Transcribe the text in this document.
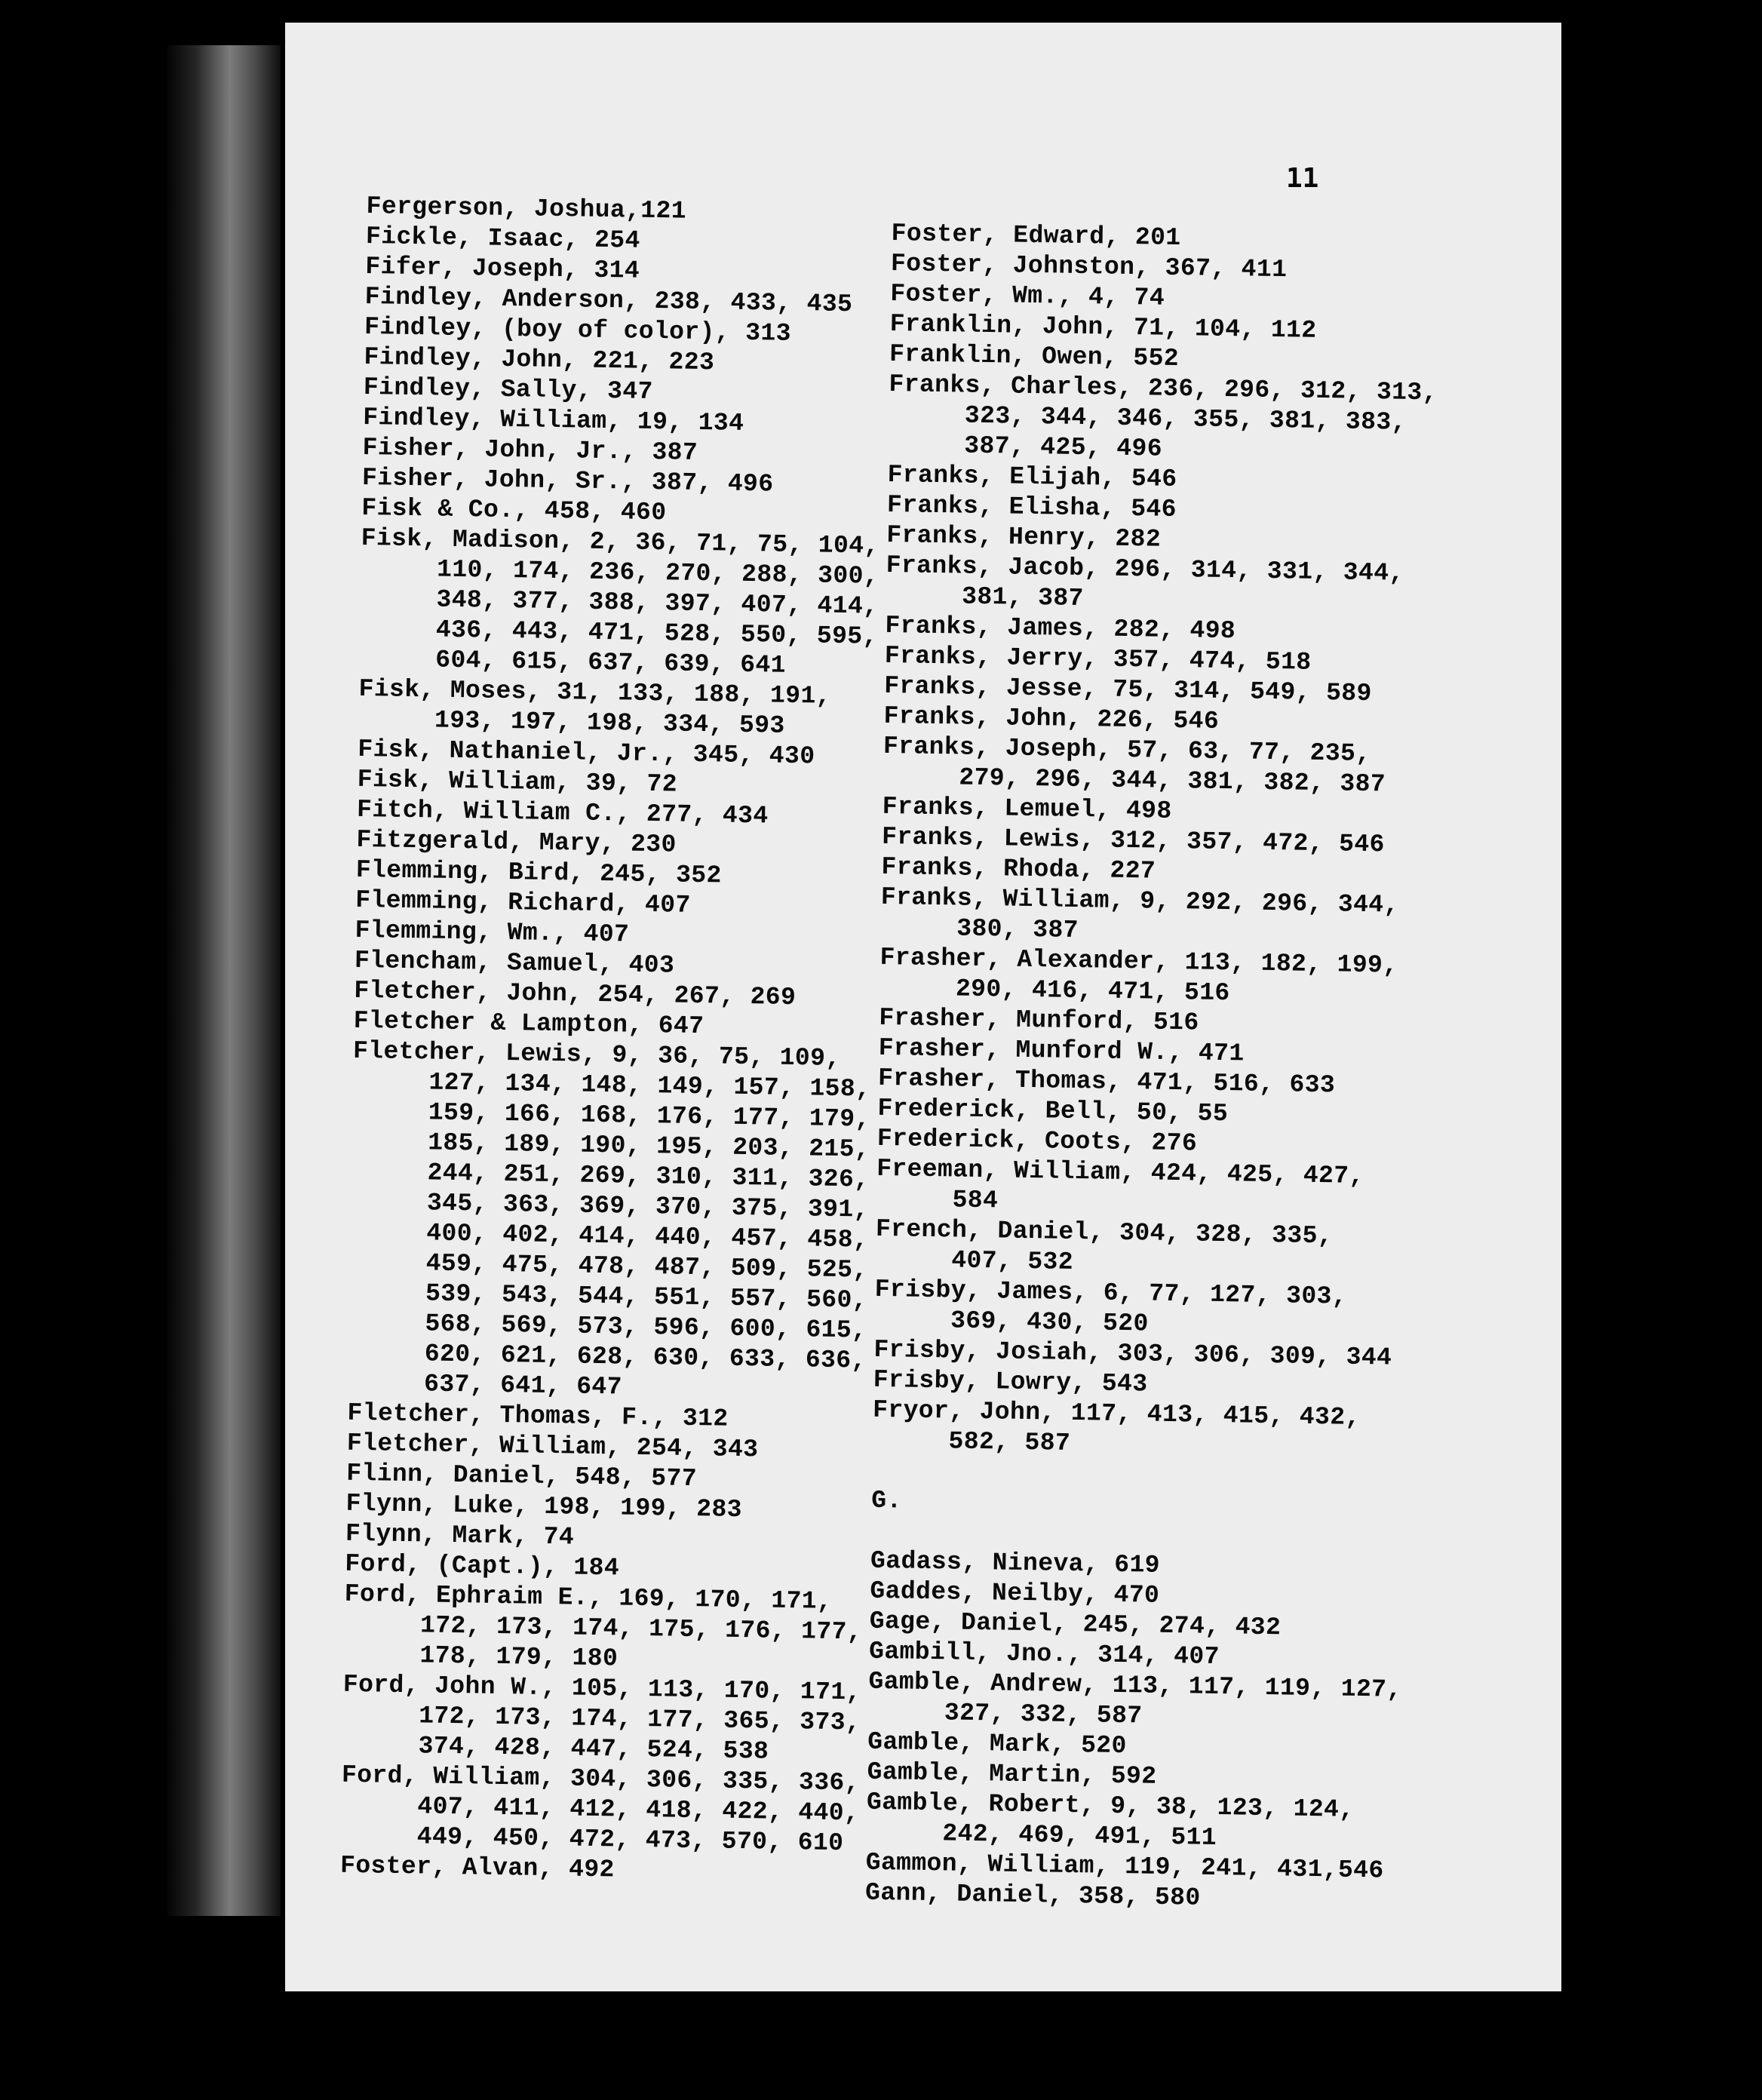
11

Fergerson, Joshua,121
Fickle, Isaac, 254
Fifer, Joseph, 314
Findley, Anderson, 238, 433, 435
Findley, (boy of color), 313
Findley, John, 221, 223
Findley, Sally, 347
Findley, William, 19, 134
Fisher, John, Jr., 387
Fisher, John, Sr., 387, 496
Fisk & Co., 458, 460
Fisk, Madison, 2, 36, 71, 75, 104,
110, 174, 236, 270, 288, 300,
348, 377, 388, 397, 407, 414,
436, 443, 471, 528, 550, 595,
604, 615, 637, 639, 641
Fisk, Moses, 31, 133, 188, 191,
193, 197, 198, 334, 593
Fisk, Nathaniel, Jr., 345, 430
Fisk, William, 39, 72
Fitch, William C., 277, 434
Fitzgerald, Mary, 230
Flemming, Bird, 245, 352
Flemming, Richard, 407
Flemming, Wm., 407
Flencham, Samuel, 403
Fletcher, John, 254, 267, 269
Fletcher & Lampton, 647
Fletcher, Lewis, 9, 36, 75, 109,
127, 134, 148, 149, 157, 158,
159, 166, 168, 176, 177, 179,
185, 189, 190, 195, 203, 215,
244, 251, 269, 310, 311, 326,
345, 363, 369, 370, 375, 391,
400, 402, 414, 440, 457, 458,
459, 475, 478, 487, 509, 525,
539, 543, 544, 551, 557, 560,
568, 569, 573, 596, 600, 615,
620, 621, 628, 630, 633, 636,
637, 641, 647
Fletcher, Thomas, F., 312
Fletcher, William, 254, 343
Flinn, Daniel, 548, 577
Flynn, Luke, 198, 199, 283
Flynn, Mark, 74
Ford, (Capt.), 184
Ford, Ephraim E., 169, 170, 171,
172, 173, 174, 175, 176, 177,
178, 179, 180
Ford, John W., 105, 113, 170, 171,
172, 173, 174, 177, 365, 373,
374, 428, 447, 524, 538
Ford, William, 304, 306, 335, 336,
407, 411, 412, 418, 422, 440,
449, 450, 472, 473, 570, 610
Foster, Alvan, 492
Foster, Edward, 201
Foster, Johnston, 367, 411
Foster, Wm., 4, 74
Franklin, John, 71, 104, 112
Franklin, Owen, 552
Franks, Charles, 236, 296, 312, 313,
323, 344, 346, 355, 381, 383,
387, 425, 496
Franks, Elijah, 546
Franks, Elisha, 546
Franks, Henry, 282
Franks, Jacob, 296, 314, 331, 344,
381, 387
Franks, James, 282, 498
Franks, Jerry, 357, 474, 518
Franks, Jesse, 75, 314, 549, 589
Franks, John, 226, 546
Franks, Joseph, 57, 63, 77, 235,
279, 296, 344, 381, 382, 387
Franks, Lemuel, 498
Franks, Lewis, 312, 357, 472, 546
Franks, Rhoda, 227
Franks, William, 9, 292, 296, 344,
380, 387
Frasher, Alexander, 113, 182, 199,
290, 416, 471, 516
Frasher, Munford, 516
Frasher, Munford W., 471
Frasher, Thomas, 471, 516, 633
Frederick, Bell, 50, 55
Frederick, Coots, 276
Freeman, William, 424, 425, 427,
584
French, Daniel, 304, 328, 335,
407, 532
Frisby, James, 6, 77, 127, 303,
369, 430, 520
Frisby, Josiah, 303, 306, 309, 344
Frisby, Lowry, 543
Fryor, John, 117, 413, 415, 432,
582, 587
G.
Gadass, Nineva, 619
Gaddes, Neilby, 470
Gage, Daniel, 245, 274, 432
Gambill, Jno., 314, 407
Gamble, Andrew, 113, 117, 119, 127,
327, 332, 587
Gamble, Mark, 520
Gamble, Martin, 592
Gamble, Robert, 9, 38, 123, 124,
242, 469, 491, 511
Gammon, William, 119, 241, 431,546
Gann, Daniel, 358, 580
